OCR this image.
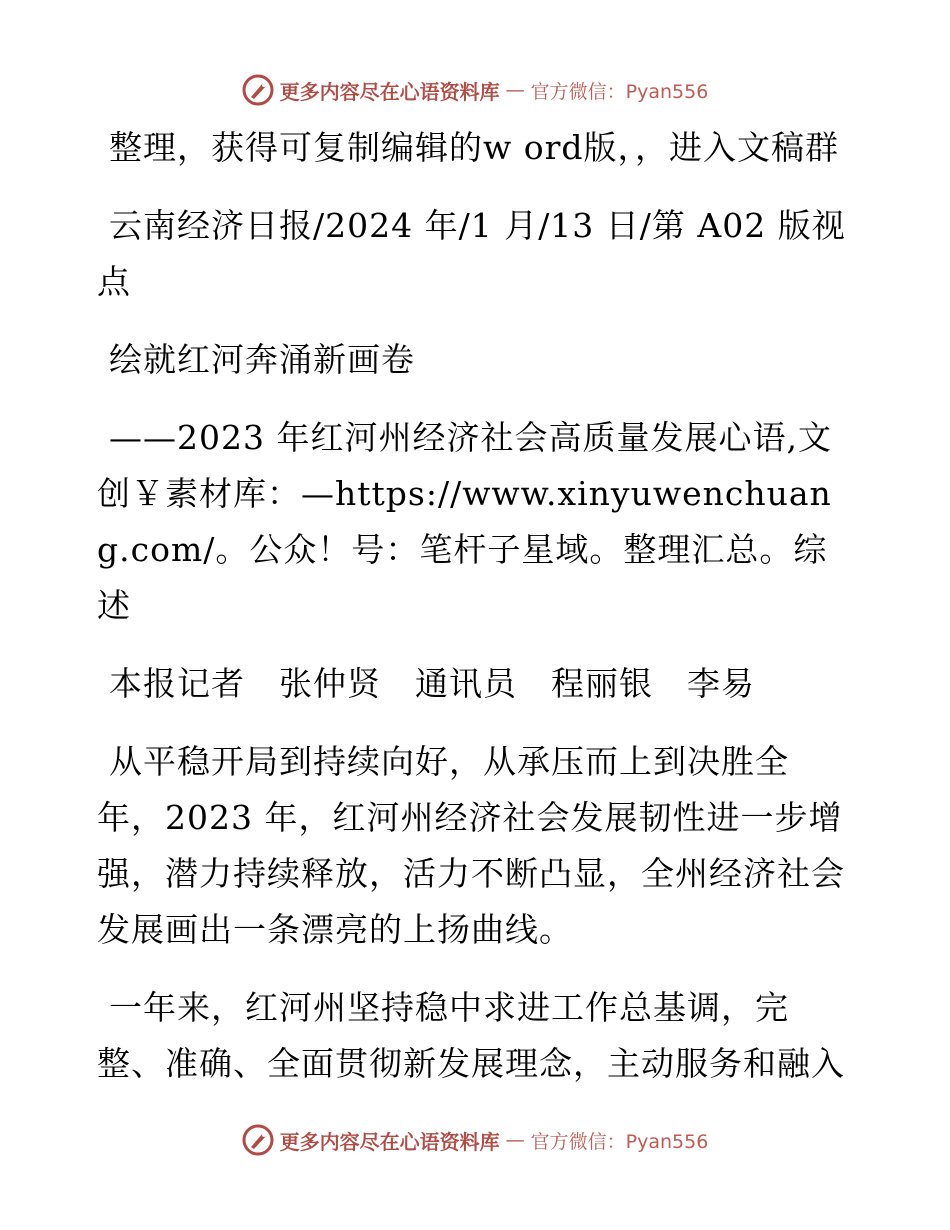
更多内容尽在心语资料库 — 官方微信：Pyan556

整理，获得可复制编辑的w ord版，，进入文稿群

云南经济日报/2024 年/1 月/13 日/第 A02 版视点

绘就红河奔涌新画卷

——2023 年红河州经济社会高质量发展心语,文创￥素材库：—https://www.xinyuwenchuang.com/。公众！号：笔杆子星域。整理汇总。综述

本报记者　张仲贤　通讯员　程丽银　李易

从平稳开局到持续向好，从承压而上到决胜全年，2023 年，红河州经济社会发展韧性进一步增强，潜力持续释放，活力不断凸显，全州经济社会发展画出一条漂亮的上扬曲线。

一年来，红河州坚持稳中求进工作总基调，完整、准确、全面贯彻新发展理念，主动服务和融入

更多内容尽在心语资料库 — 官方微信：Pyan556
